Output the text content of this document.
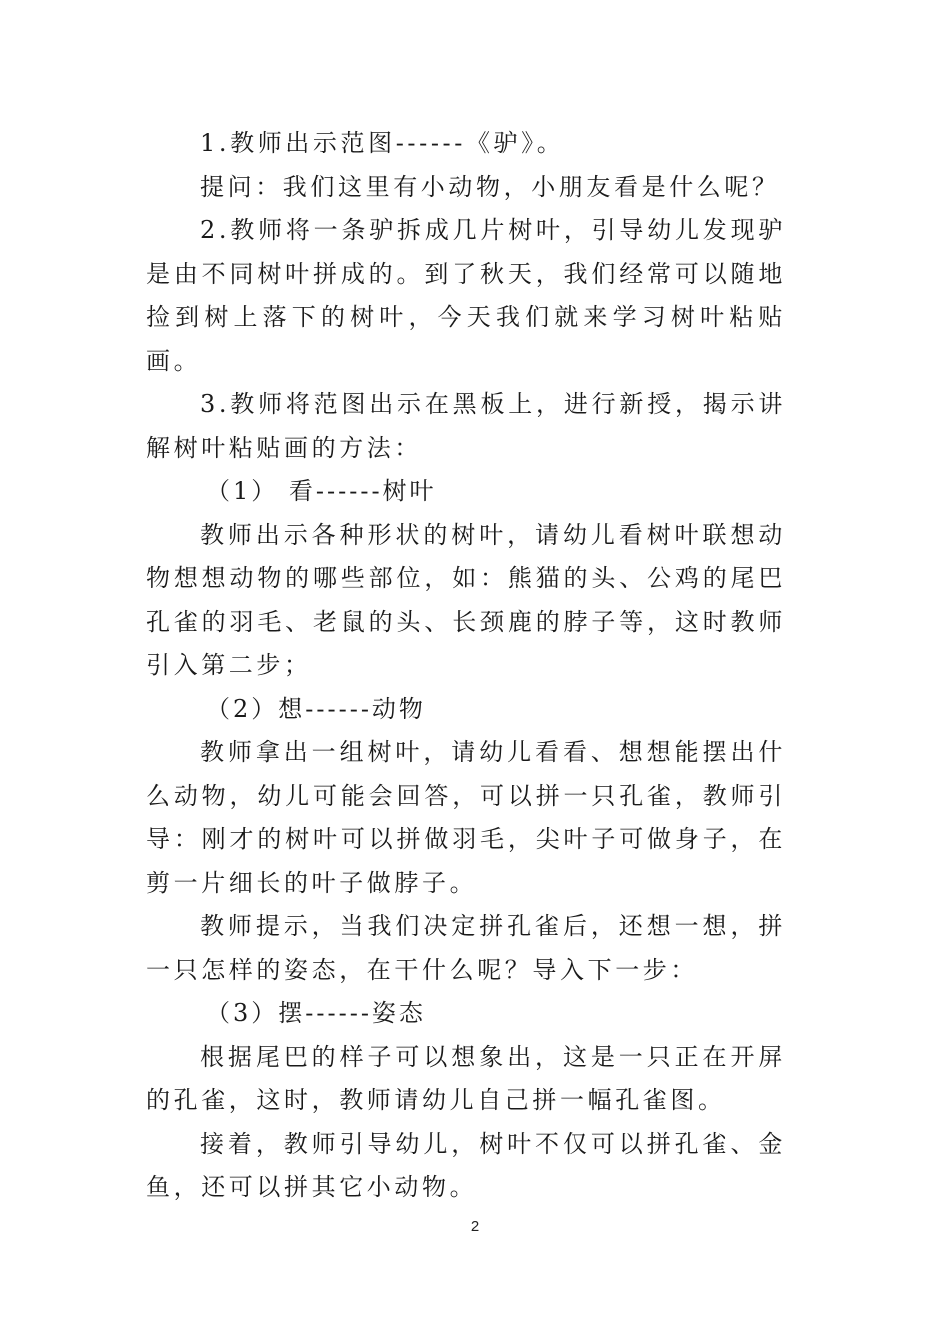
1.教师出示范图------《驴》。

提问：我们这里有小动物，小朋友看是什么呢？

2.教师将一条驴拆成几片树叶，引导幼儿发现驴是由不同树叶拼成的。到了秋天，我们经常可以随地捡到树上落下的树叶，今天我们就来学习树叶粘贴画。

3.教师将范图出示在黑板上，进行新授，揭示讲解树叶粘贴画的方法：

（1） 看------树叶

教师出示各种形状的树叶，请幼儿看树叶联想动物想想动物的哪些部位，如：熊猫的头、公鸡的尾巴孔雀的羽毛、老鼠的头、长颈鹿的脖子等，这时教师引入第二步；

（2）想------动物

教师拿出一组树叶，请幼儿看看、想想能摆出什么动物，幼儿可能会回答，可以拼一只孔雀，教师引导：刚才的树叶可以拼做羽毛，尖叶子可做身子，在剪一片细长的叶子做脖子。

教师提示，当我们决定拼孔雀后，还想一想，拼一只怎样的姿态，在干什么呢？导入下一步：

（3）摆------姿态

根据尾巴的样子可以想象出，这是一只正在开屏的孔雀，这时，教师请幼儿自己拼一幅孔雀图。

接着，教师引导幼儿，树叶不仅可以拼孔雀、金鱼，还可以拼其它小动物。

2
